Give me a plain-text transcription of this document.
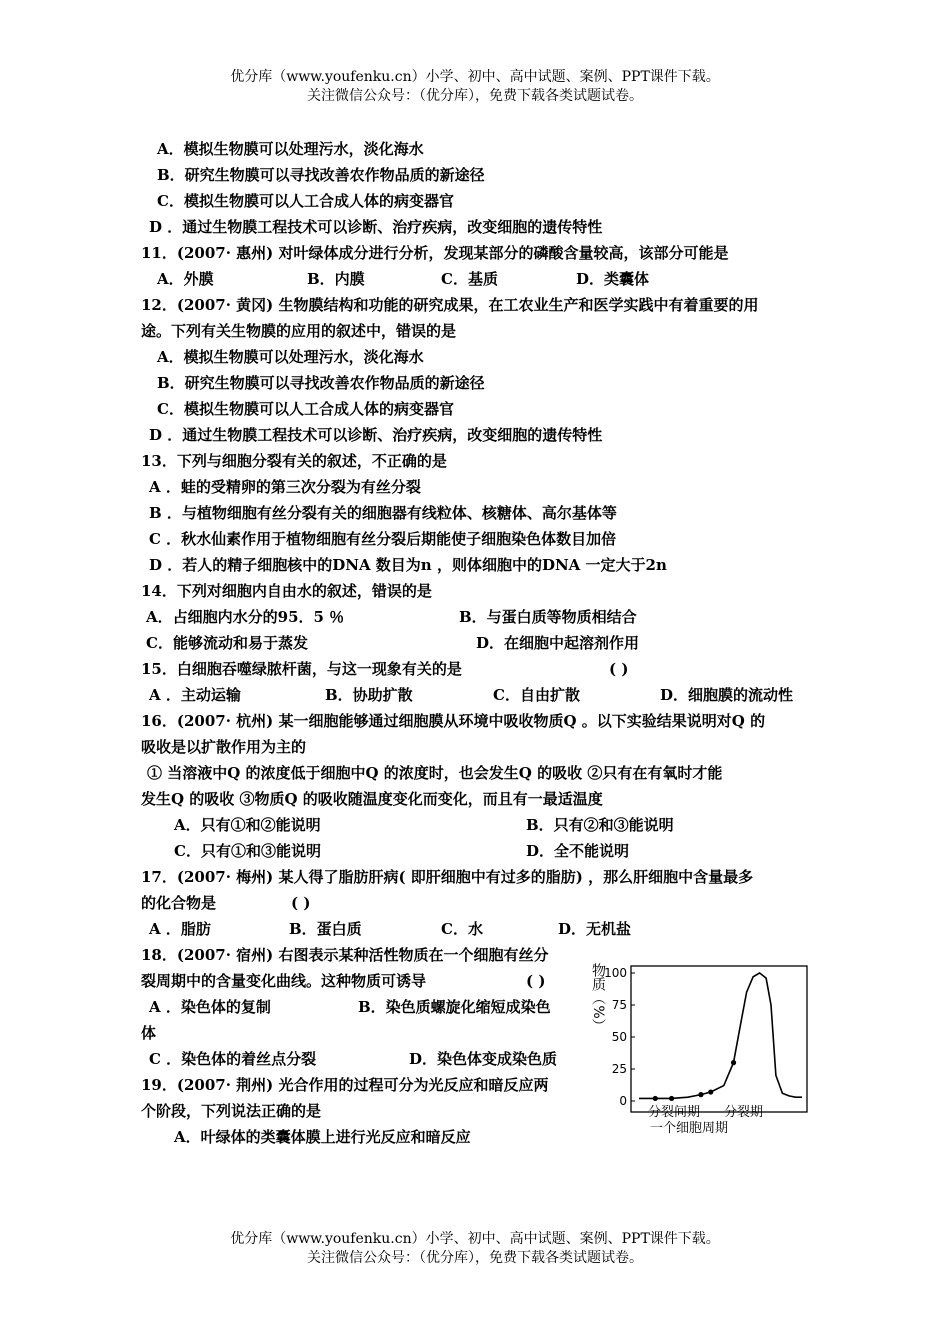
优分库（www.youfenku.cn）小学、初中、高中试题、案例、PPT课件下载。
关注微信公众号：（优分库），免费下载各类试题试卷。
A．模拟生物膜可以处理污水，淡化海水
B．研究生物膜可以寻找改善农作物品质的新途径
C．模拟生物膜可以人工合成人体的病变器官
D ．通过生物膜工程技术可以诊断、治疗疾病，改变细胞的遗传特性
11．(2007· 惠州) 对叶绿体成分进行分析，发现某部分的磷酸含量较高，该部分可能是
A．外膜	B．内膜	C．基质	D．类囊体
12．(2007· 黄冈) 生物膜结构和功能的研究成果，在工农业生产和医学实践中有着重要的用
途。下列有关生物膜的应用的叙述中，错误的是
A．模拟生物膜可以处理污水，淡化海水
B．研究生物膜可以寻找改善农作物品质的新途径
C．模拟生物膜可以人工合成人体的病变器官
D ．通过生物膜工程技术可以诊断、治疗疾病，改变细胞的遗传特性
13．下列与细胞分裂有关的叙述，不正确的是
A ．蛙的受精卵的第三次分裂为有丝分裂
B ．与植物细胞有丝分裂有关的细胞器有线粒体、核糖体、高尔基体等
C ．秋水仙素作用于植物细胞有丝分裂后期能使子细胞染色体数目加倍
D ．若人的精子细胞核中的DNA 数目为n ，则体细胞中的DNA 一定大于2n
14．下列对细胞内自由水的叙述，错误的是
A．占细胞内水分的95．5 ％	B．与蛋白质等物质相结合
C．能够流动和易于蒸发	D．在细胞中起溶剂作用
15．白细胞吞噬绿脓杆菌，与这一现象有关的是	( )
A ．主动运输	B．协助扩散	C．自由扩散	D．细胞膜的流动性
16．(2007· 杭州) 某一细胞能够通过细胞膜从环境中吸收物质Q 。以下实验结果说明对Q 的
吸收是以扩散作用为主的
① 当溶液中Q 的浓度低于细胞中Q 的浓度时，也会发生Q 的吸收 ②只有在有氧时才能
发生Q 的吸收 ③物质Q 的吸收随温度变化而变化，而且有一最适温度
A．只有①和②能说明	B．只有②和③能说明
C．只有①和③能说明	D．全不能说明
17．(2007· 梅州) 某人得了脂肪肝病( 即肝细胞中有过多的脂肪) ，那么肝细胞中含量最多
的化合物是	( )
A ．脂肪	B．蛋白质	C．水	D．无机盐
18．(2007· 宿州) 右图表示某种活性物质在一个细胞有丝分
裂周期中的含量变化曲线。这种物质可诱导	( )
A ．染色体的复制	B．染色质螺旋化缩短成染色
体
C ．染色体的着丝点分裂	D．染色体变成染色质
19．(2007· 荆州) 光合作用的过程可分为光反应和暗反应两
个阶段，下列说法正确的是
A．叶绿体的类囊体膜上进行光反应和暗反应
物质（%）
100
75
50
25
0
分裂间期 分裂期
一个细胞周期
优分库（www.youfenku.cn）小学、初中、高中试题、案例、PPT课件下载。
关注微信公众号：（优分库），免费下载各类试题试卷。
